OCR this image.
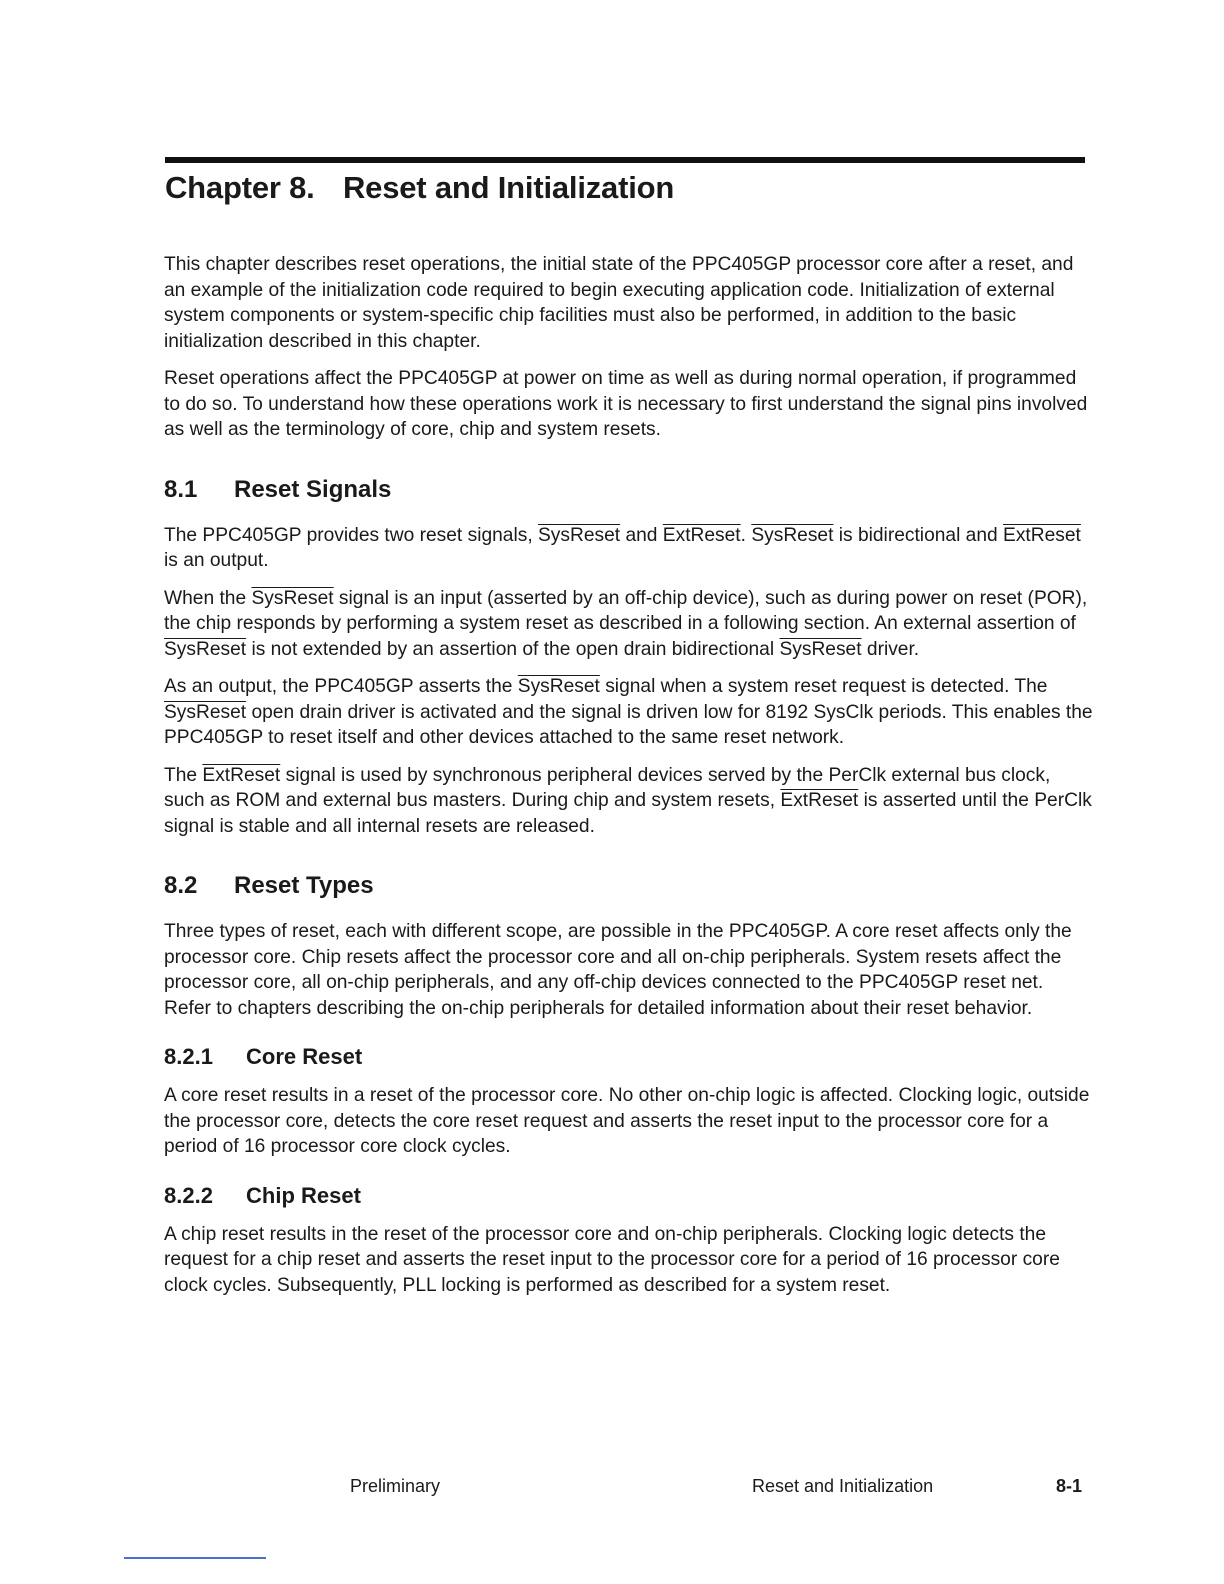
Chapter 8. Reset and Initialization

This chapter describes reset operations, the initial state of the PPC405GP processor core after a reset, and an example of the initialization code required to begin executing application code. Initialization of external system components or system-specific chip facilities must also be performed, in addition to the basic initialization described in this chapter.

Reset operations affect the PPC405GP at power on time as well as during normal operation, if programmed to do so. To understand how these operations work it is necessary to first understand the signal pins involved as well as the terminology of core, chip and system resets.

8.1 Reset Signals

The PPC405GP provides two reset signals, SysReset and ExtReset. SysReset is bidirectional and ExtReset is an output.

When the SysReset signal is an input (asserted by an off-chip device), such as during power on reset (POR), the chip responds by performing a system reset as described in a following section. An external assertion of SysReset is not extended by an assertion of the open drain bidirectional SysReset driver.

As an output, the PPC405GP asserts the SysReset signal when a system reset request is detected. The SysReset open drain driver is activated and the signal is driven low for 8192 SysClk periods. This enables the PPC405GP to reset itself and other devices attached to the same reset network.

The ExtReset signal is used by synchronous peripheral devices served by the PerClk external bus clock, such as ROM and external bus masters. During chip and system resets, ExtReset is asserted until the PerClk signal is stable and all internal resets are released.

8.2 Reset Types

Three types of reset, each with different scope, are possible in the PPC405GP. A core reset affects only the processor core. Chip resets affect the processor core and all on-chip peripherals. System resets affect the processor core, all on-chip peripherals, and any off-chip devices connected to the PPC405GP reset net. Refer to chapters describing the on-chip peripherals for detailed information about their reset behavior.

8.2.1 Core Reset

A core reset results in a reset of the processor core. No other on-chip logic is affected. Clocking logic, outside the processor core, detects the core reset request and asserts the reset input to the processor core for a period of 16 processor core clock cycles.

8.2.2 Chip Reset

A chip reset results in the reset of the processor core and on-chip peripherals. Clocking logic detects the request for a chip reset and asserts the reset input to the processor core for a period of 16 processor core clock cycles. Subsequently, PLL locking is performed as described for a system reset.

Preliminary	Reset and Initialization	8-1
